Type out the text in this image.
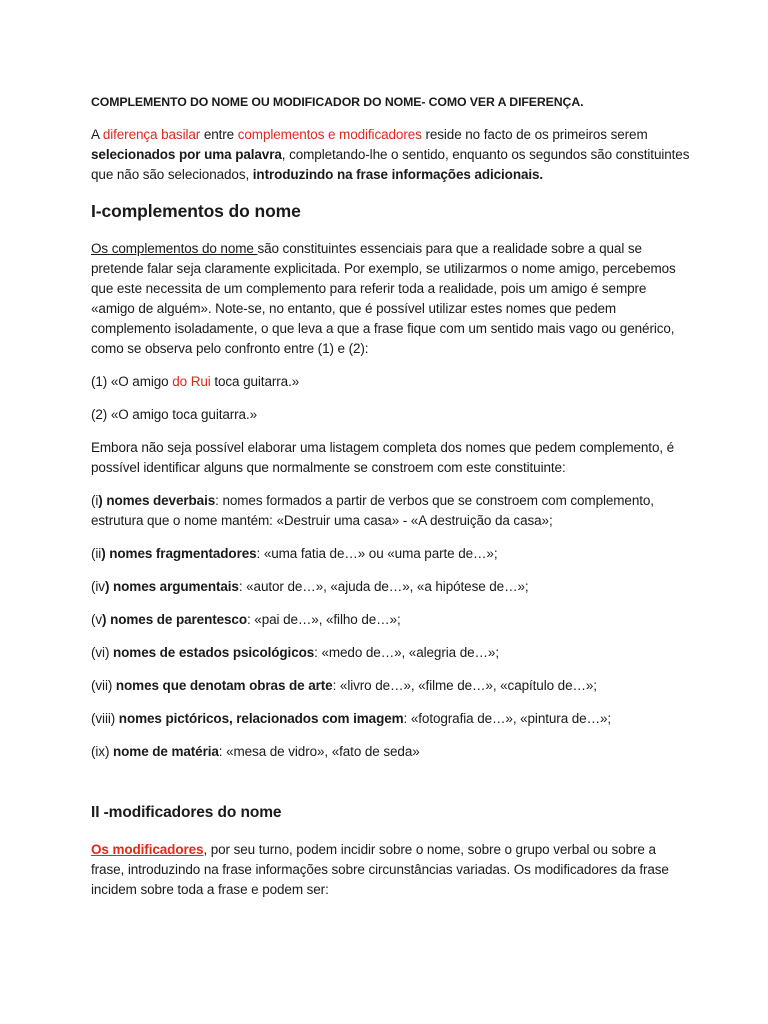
COMPLEMENTO DO NOME OU MODIFICADOR DO NOME- COMO VER A DIFERENÇA.

A diferença basilar entre complementos e modificadores reside no facto de os primeiros serem selecionados por uma palavra, completando-lhe o sentido, enquanto os segundos são constituintes que não são selecionados, introduzindo na frase informações adicionais.

I-complementos do nome

Os complementos do nome são constituintes essenciais para que a realidade sobre a qual se pretende falar seja claramente explicitada. Por exemplo, se utilizarmos o nome amigo, percebemos que este necessita de um complemento para referir toda a realidade, pois um amigo é sempre «amigo de alguém». Note-se, no entanto, que é possível utilizar estes nomes que pedem complemento isoladamente, o que leva a que a frase fique com um sentido mais vago ou genérico, como se observa pelo confronto entre (1) e (2):

(1) «O amigo do Rui toca guitarra.»

(2) «O amigo toca guitarra.»

Embora não seja possível elaborar uma listagem completa dos nomes que pedem complemento, é possível identificar alguns que normalmente se constroem com este constituinte:

(i) nomes deverbais: nomes formados a partir de verbos que se constroem com complemento, estrutura que o nome mantém: «Destruir uma casa» - «A destruição da casa»;

(ii) nomes fragmentadores: «uma fatia de…» ou «uma parte de…»;

(iv) nomes argumentais: «autor de…», «ajuda de…», «a hipótese de…»;

(v) nomes de parentesco: «pai de…», «filho de…»;

(vi) nomes de estados psicológicos: «medo de…», «alegria de…»;

(vii) nomes que denotam obras de arte: «livro de…», «filme de…», «capítulo de…»;

(viii) nomes pictóricos, relacionados com imagem: «fotografia de…», «pintura de…»;

(ix) nome de matéria: «mesa de vidro», «fato de seda»

II -modificadores do nome

Os modificadores, por seu turno, podem incidir sobre o nome, sobre o grupo verbal ou sobre a frase, introduzindo na frase informações sobre circunstâncias variadas. Os modificadores da frase incidem sobre toda a frase e podem ser:
